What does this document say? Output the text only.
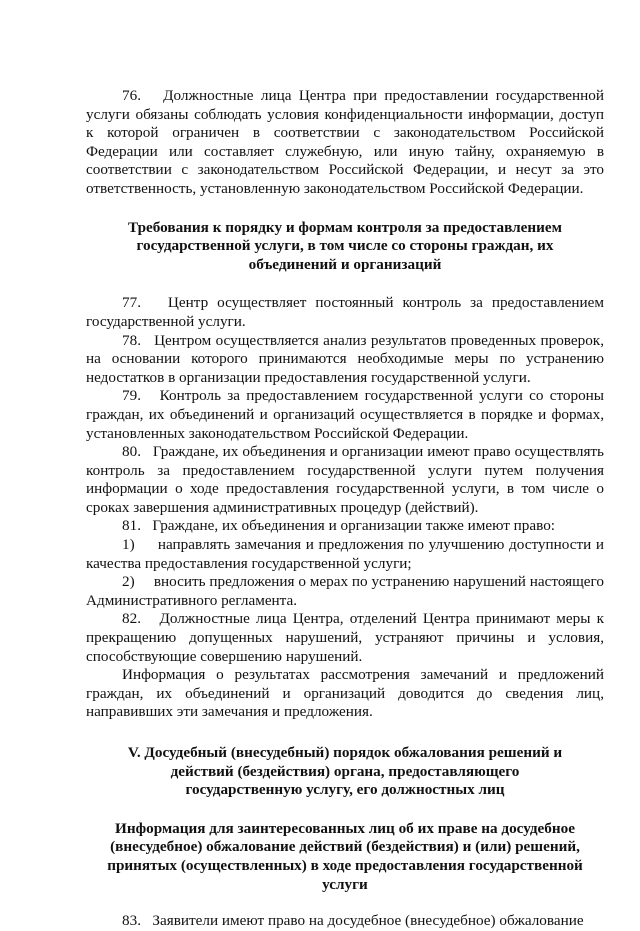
76.   Должностные лица Центра при предоставлении государственной услуги обязаны соблюдать условия конфиденциальности информации, доступ к которой ограничен в соответствии с законодательством Российской Федерации или составляет служебную, или иную тайну, охраняемую в соответствии с законодательством Российской Федерации, и несут за это ответственность, установленную законодательством Российской Федерации.

Требования к порядку и формам контроля за предоставлением государственной услуги, в том числе со стороны граждан, их объединений и организаций

77.   Центр осуществляет постоянный контроль за предоставлением государственной услуги.

78.   Центром осуществляется анализ результатов проведенных проверок, на основании которого принимаются необходимые меры по устранению недостатков в организации предоставления государственной услуги.

79.   Контроль за предоставлением государственной услуги со стороны граждан, их объединений и организаций осуществляется в порядке и формах, установленных законодательством Российской Федерации.

80.   Граждане, их объединения и организации имеют право осуществлять контроль за предоставлением государственной услуги путем получения информации о ходе предоставления государственной услуги, в том числе о сроках завершения административных процедур (действий).

81.   Граждане, их объединения и организации также имеют право:

1)     направлять замечания и предложения по улучшению доступности и качества предоставления государственной услуги;

2)     вносить предложения о мерах по устранению нарушений настоящего Административного регламента.

82.   Должностные лица Центра, отделений Центра принимают меры к прекращению допущенных нарушений, устраняют причины и условия, способствующие совершению нарушений.

Информация о результатах рассмотрения замечаний и предложений граждан, их объединений и организаций доводится до сведения лиц, направивших эти замечания и предложения.

V. Досудебный (внесудебный) порядок обжалования решений и действий (бездействия) органа, предоставляющего государственную услугу, его должностных лиц
Информация для заинтересованных лиц об их праве на досудебное (внесудебное) обжалование действий (бездействия) и (или) решений, принятых (осуществленных) в ходе предоставления государственной услуги

83.   Заявители имеют право на досудебное (внесудебное) обжалование
